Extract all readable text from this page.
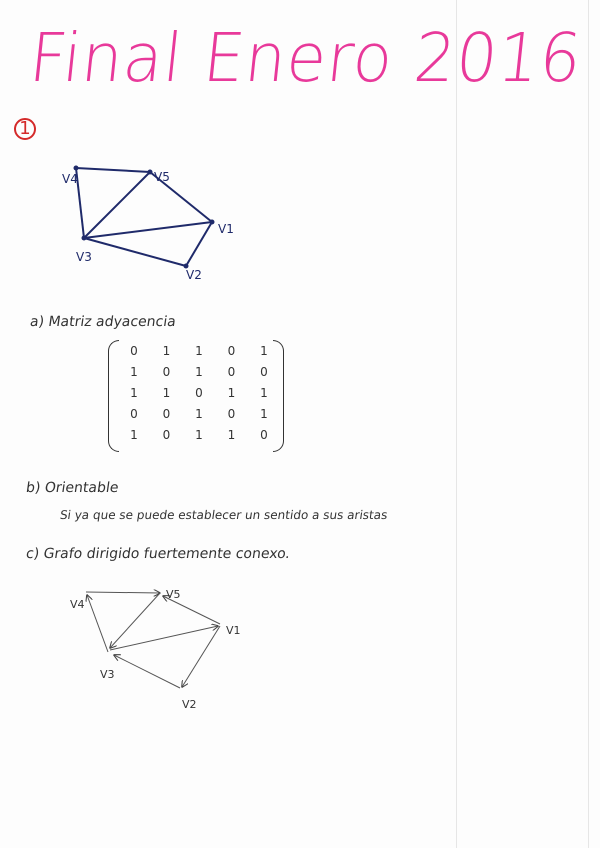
Final Enero 2016
1
V4	V5
V1
V3
V2
a) Matriz adyacencia
0	1	1	0	1
1	0	1	0	0
1	1	0	1	1
0	0	1	0	1
1	0	1	1	0
b) Orientable
Si ya que se puede establecer un sentido a sus aristas
c) Grafo dirigido fuertemente conexo.
V4
V5
V1
V3
V2
